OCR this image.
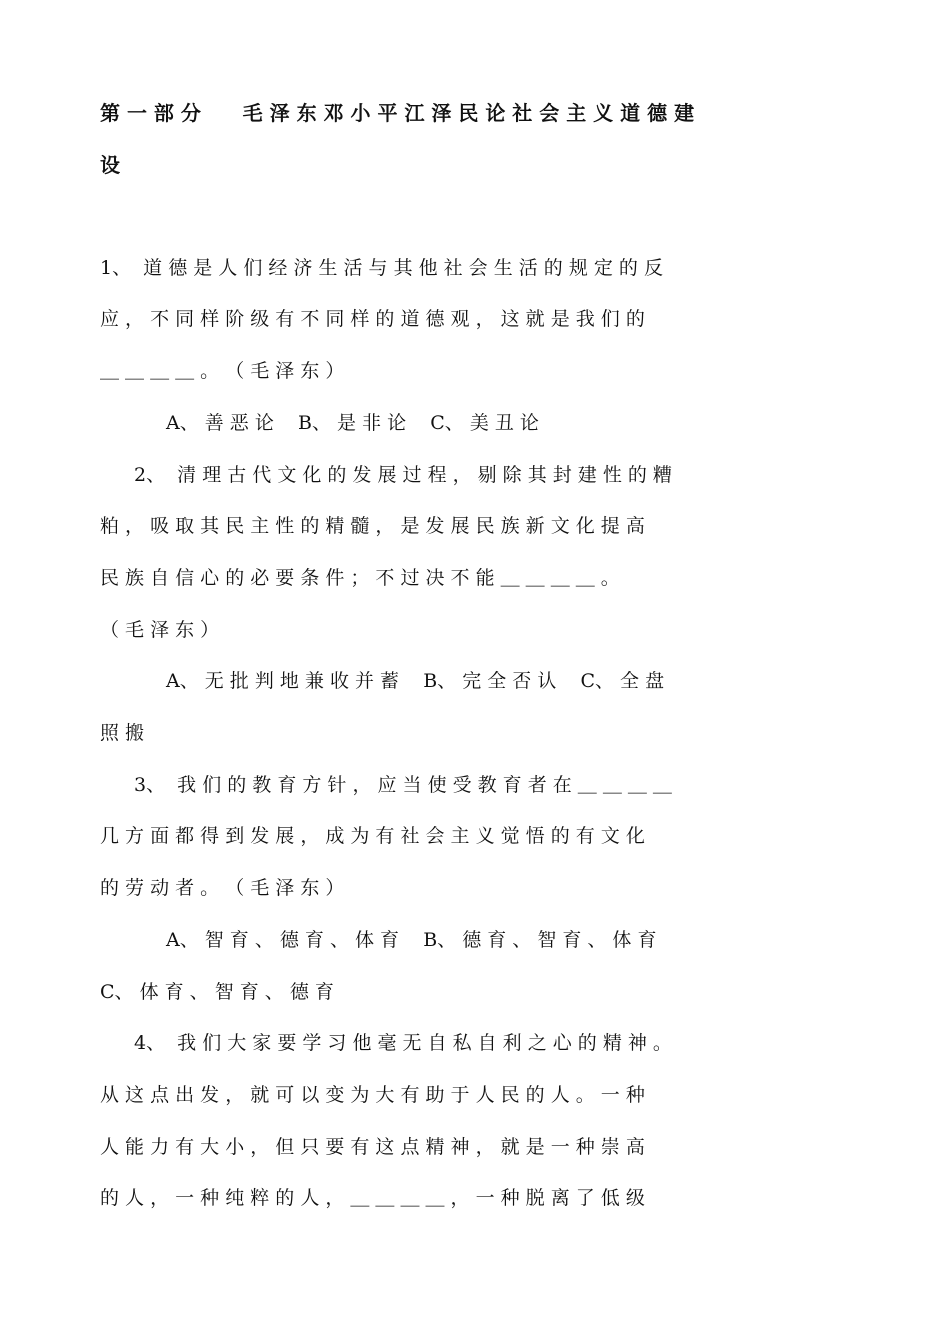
第 一 部 分      毛 泽 东 邓 小 平 江 泽 民 论 社 会 主 义 道 德 建
设
1、  道 德 是 人 们 经 济 生 活 与 其 他 社 会 生 活 的 规 定 的 反
应 ， 不 同 样 阶 级 有 不 同 样 的 道 德 观 ， 这 就 是 我 们 的
＿ ＿ ＿ ＿ 。 （ 毛 泽 东 ）
A、 善 恶 论    B、 是 非 论    C、 美 丑 论
2、  清 理 古 代 文 化 的 发 展 过 程 ， 剔 除 其 封 建 性 的 糟
粕 ， 吸 取 其 民 主 性 的 精 髓 ， 是 发 展 民 族 新 文 化 提 高
民 族 自 信 心 的 必 要 条 件 ； 不 过 决 不 能 ＿ ＿ ＿ ＿ 。
（ 毛 泽 东 ）
A、 无 批 判 地 兼 收 并 蓄    B、 完 全 否 认    C、 全 盘
照 搬
3、  我 们 的 教 育 方 针 ， 应 当 使 受 教 育 者 在 ＿ ＿ ＿ ＿
几 方 面 都 得 到 发 展 ， 成 为 有 社 会 主 义 觉 悟 的 有 文 化
的 劳 动 者 。 （ 毛 泽 东 ）
A、 智 育 、 德 育 、 体 育    B、 德 育 、 智 育 、 体 育
C、 体 育 、 智 育 、 德 育
4、  我 们 大 家 要 学 习 他 毫 无 自 私 自 利 之 心 的 精 神 。
从 这 点 出 发 ， 就 可 以 变 为 大 有 助 于 人 民 的 人 。 一 种
人 能 力 有 大 小 ， 但 只 要 有 这 点 精 神 ， 就 是 一 种 崇 高
的 人 ， 一 种 纯 粹 的 人 ， ＿ ＿ ＿ ＿ ， 一 种 脱 离 了 低 级
